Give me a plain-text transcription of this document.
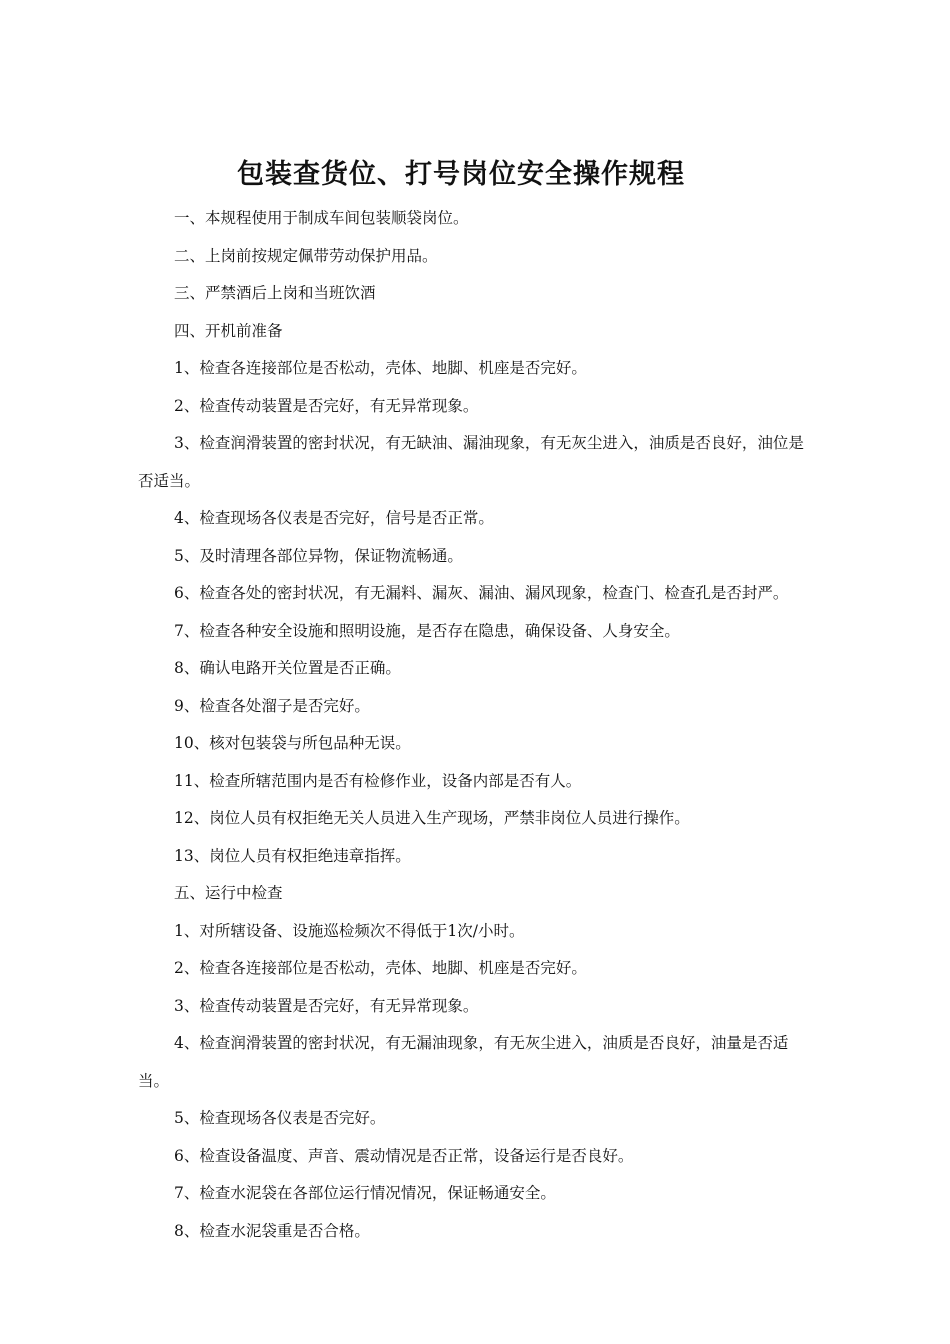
包装查货位、打号岗位安全操作规程

一、本规程使用于制成车间包装顺袋岗位。

二、上岗前按规定佩带劳动保护用品。

三、严禁酒后上岗和当班饮酒

四、开机前准备

1、检查各连接部位是否松动，壳体、地脚、机座是否完好。

2、检查传动装置是否完好，有无异常现象。

3、检查润滑装置的密封状况，有无缺油、漏油现象，有无灰尘进入，油质是否良好，油位是否适当。

4、检查现场各仪表是否完好，信号是否正常。

5、及时清理各部位异物，保证物流畅通。

6、检查各处的密封状况，有无漏料、漏灰、漏油、漏风现象，检查门、检查孔是否封严。

7、检查各种安全设施和照明设施，是否存在隐患，确保设备、人身安全。

8、确认电路开关位置是否正确。

9、检查各处溜子是否完好。

10、核对包装袋与所包品种无误。

11、检查所辖范围内是否有检修作业，设备内部是否有人。

12、岗位人员有权拒绝无关人员进入生产现场，严禁非岗位人员进行操作。

13、岗位人员有权拒绝违章指挥。

五、运行中检查

1、对所辖设备、设施巡检频次不得低于1次/小时。

2、检查各连接部位是否松动，壳体、地脚、机座是否完好。

3、检查传动装置是否完好，有无异常现象。

4、检查润滑装置的密封状况，有无漏油现象，有无灰尘进入，油质是否良好，油量是否适当。

5、检查现场各仪表是否完好。

6、检查设备温度、声音、震动情况是否正常，设备运行是否良好。

7、检查水泥袋在各部位运行情况情况，保证畅通安全。

8、检查水泥袋重是否合格。
